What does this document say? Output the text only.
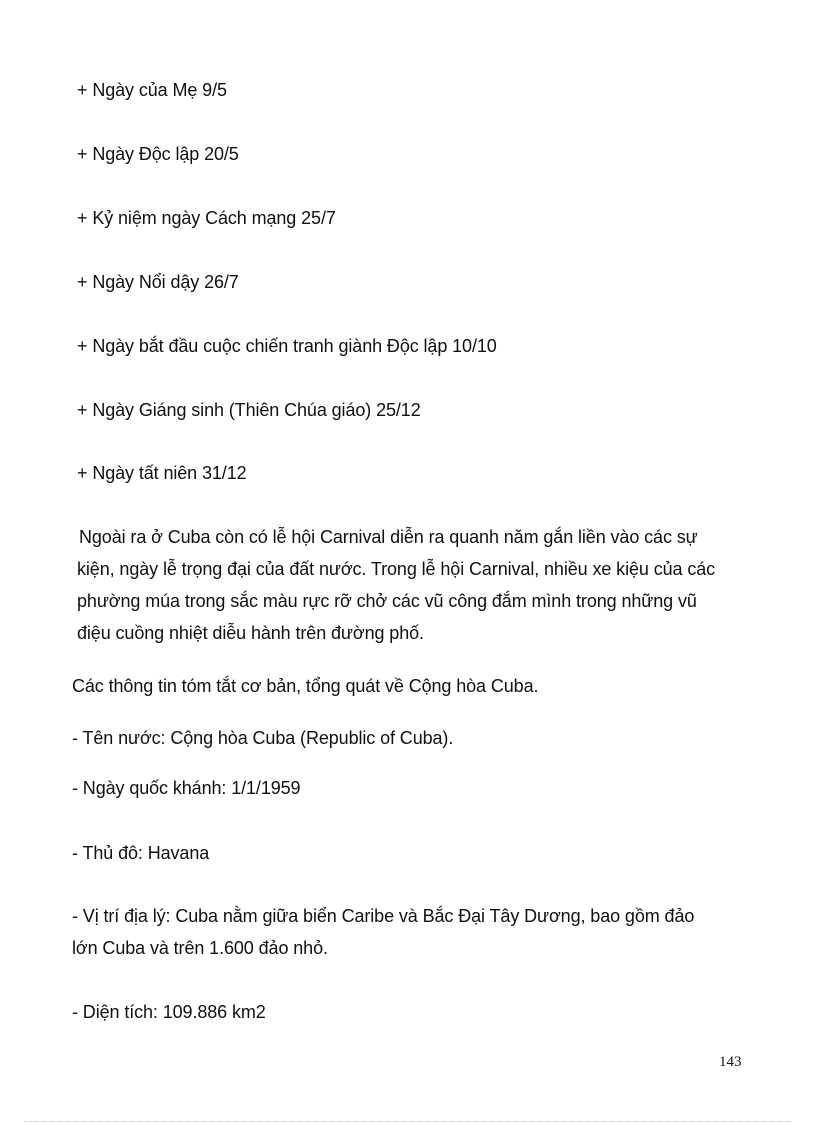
+ Ngày của Mẹ 9/5
+ Ngày Độc lập 20/5
+ Kỷ niệm ngày Cách mạng 25/7
+ Ngày Nổi dậy 26/7
+ Ngày bắt đầu cuộc chiến tranh giành Độc lập 10/10
+ Ngày Giáng sinh (Thiên Chúa giáo) 25/12
+ Ngày tất niên 31/12

Ngoài ra ở Cuba còn có lễ hội Carnival diễn ra quanh năm gắn liền vào các sự

kiện, ngày lễ trọng đại của đất nước. Trong lễ hội Carnival, nhiều xe kiệu của các

phường múa trong sắc màu rực rỡ chở các vũ công đắm mình trong những vũ

điệu cuồng nhiệt diễu hành trên đường phố.

Các thông tin tóm tắt cơ bản, tổng quát về Cộng hòa Cuba.
- Tên nước: Cộng hòa Cuba (Republic of Cuba).
- Ngày quốc khánh: 1/1/1959
- Thủ đô: Havana

- Vị trí địa lý: Cuba nằm giữa biển Caribe và Bắc Đại Tây Dương, bao gồm đảo

lớn Cuba và trên 1.600 đảo nhỏ.

- Diện tích: 109.886 km2
143
